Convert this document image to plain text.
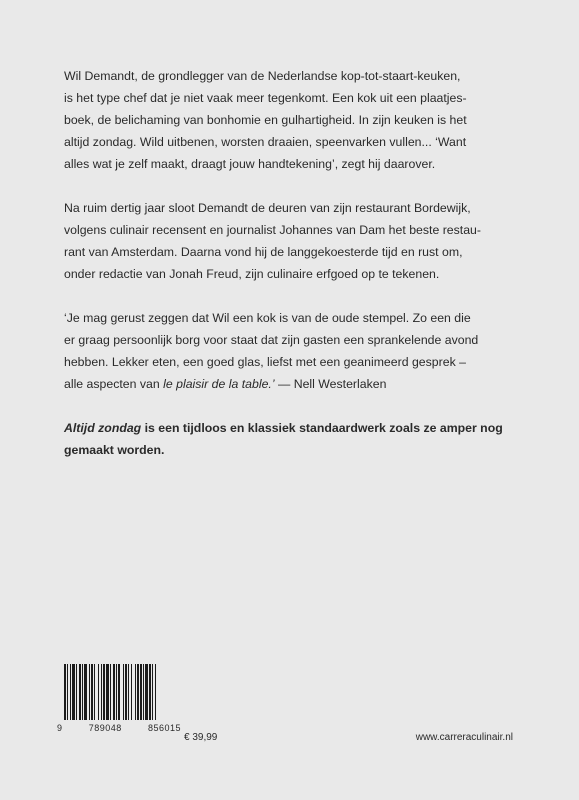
Wil Demandt, de grondlegger van de Nederlandse kop-tot-staart-keuken,
is het type chef dat je niet vaak meer tegenkomt. Een kok uit een plaatjes-
boek, de belichaming van bonhomie en gulhartigheid. In zijn keuken is het
altijd zondag. Wild uitbenen, worsten draaien, speenvarken vullen... ‘Want
alles wat je zelf maakt, draagt jouw handtekening’, zegt hij daarover.
Na ruim dertig jaar sloot Demandt de deuren van zijn restaurant Bordewijk,
volgens culinair recensent en journalist Johannes van Dam het beste restau-
rant van Amsterdam. Daarna vond hij de langgekoesterde tijd en rust om,
onder redactie van Jonah Freud, zijn culinaire erfgoed op te tekenen.
‘Je mag gerust zeggen dat Wil een kok is van de oude stempel. Zo een die
er graag persoonlijk borg voor staat dat zijn gasten een sprankelende avond
hebben. Lekker eten, een goed glas, liefst met een geanimeerd gesprek –
alle aspecten van le plaisir de la table.’ — Nell Westerlaken
Altijd zondag is een tijdloos en klassiek standaardwerk zoals ze amper nog
gemaakt worden.
9	789048	856015
€ 39,99	www.carreraculinair.nl
